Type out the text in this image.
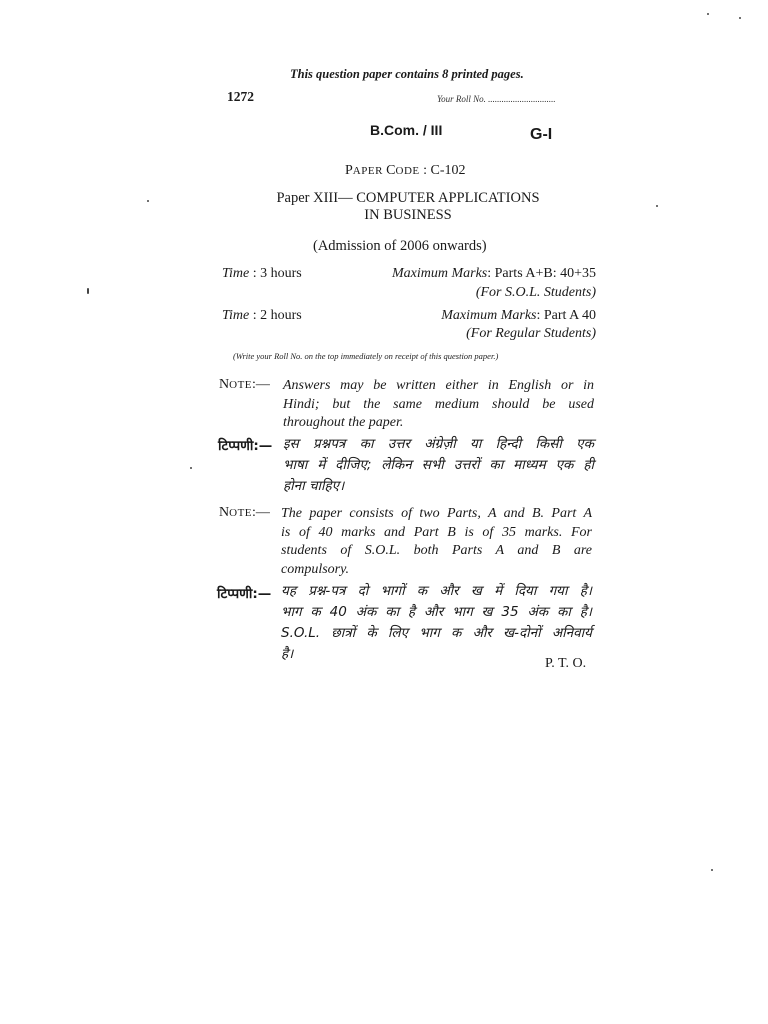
This question paper contains 8 printed pages.
1272	Your Roll No. ..............................
B.Com. / III	G-I
PAPER CODE : C-102
Paper XIII— COMPUTER APPLICATIONS
IN BUSINESS
(Admission of 2006 onwards)
Time : 3 hours	Maximum Marks: Parts A+B: 40+35
(For S.O.L. Students)
Time : 2 hours	Maximum Marks: Part A 40
(For Regular Students)
(Write your Roll No. on the top immediately on receipt of this question paper.)
NOTE:— Answers may be written either in English or in
Hindi; but the same medium should be used
throughout the paper.
टिप्पणी:— इस प्रश्नपत्र का उत्तर अंग्रेज़ी या हिन्दी किसी एक
भाषा में दीजिए; लेकिन सभी उत्तरों का माध्यम एक ही
होना चाहिए।
NOTE:— The paper consists of two Parts, A and B. Part A
is of 40 marks and Part B is of 35 marks. For
students of S.O.L. both Parts A and B are
compulsory.
टिप्पणी:— यह प्रश्न-पत्र दो भागों क और ख में दिया गया है।
भाग क 40 अंक का है और भाग ख 35 अंक का है।
S.O.L. छात्रों के लिए भाग क और ख-दोनों अनिवार्य
है।
P. T. O.
